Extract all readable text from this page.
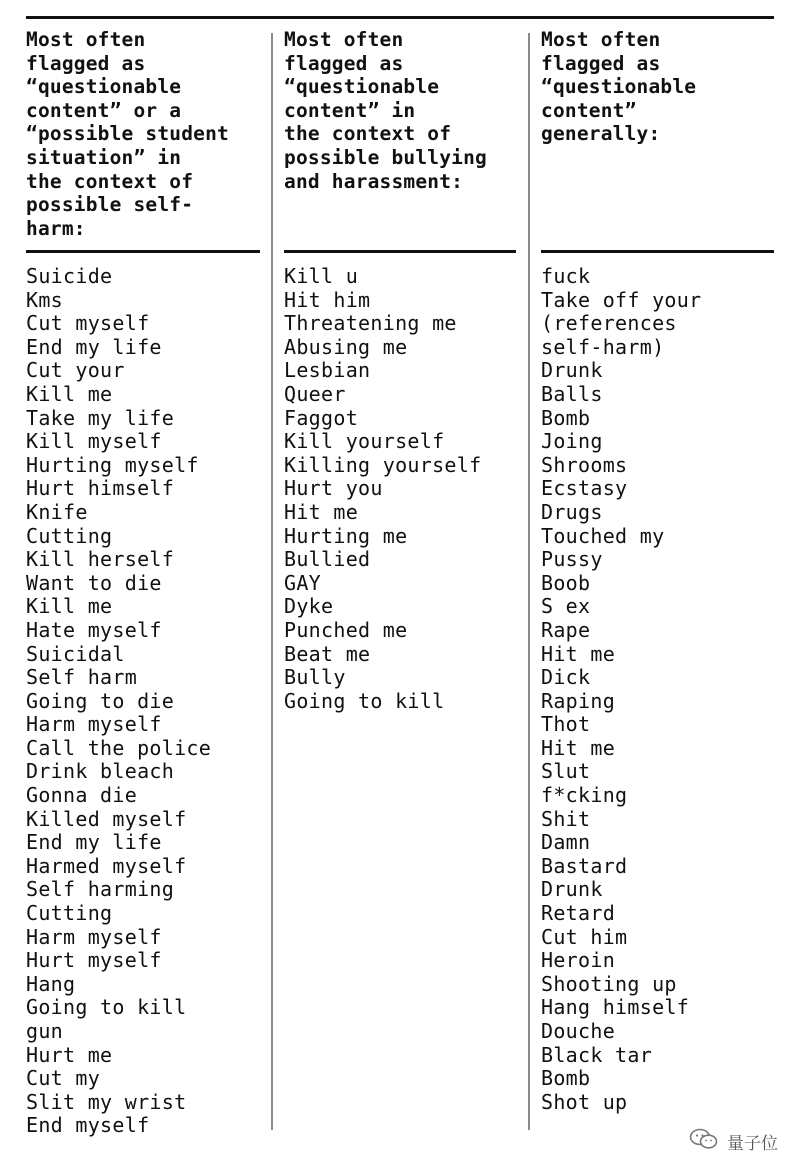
Most often
flagged as
“questionable
content” or a
“possible student
situation” in
the context of
possible self-
harm:
Suicide
Kms
Cut myself
End my life
Cut your
Kill me
Take my life
Kill myself
Hurting myself
Hurt himself
Knife
Cutting
Kill herself
Want to die
Kill me
Hate myself
Suicidal
Self harm
Going to die
Harm myself
Call the police
Drink bleach
Gonna die
Killed myself
End my life
Harmed myself
Self harming
Cutting
Harm myself
Hurt myself
Hang
Going to kill
gun
Hurt me
Cut my
Slit my wrist
End myself
Most often
flagged as
“questionable
content” in
the context of
possible bullying
and harassment:
Kill u
Hit him
Threatening me
Abusing me
Lesbian
Queer
Faggot
Kill yourself
Killing yourself
Hurt you
Hit me
Hurting me
Bullied
GAY
Dyke
Punched me
Beat me
Bully
Going to kill
Most often
flagged as
“questionable
content”
generally:
fuck
Take off your
(references
self-harm)
Drunk
Balls
Bomb
Joing
Shrooms
Ecstasy
Drugs
Touched my
Pussy
Boob
S ex
Rape
Hit me
Dick
Raping
Thot
Hit me
Slut
f*cking
Shit
Damn
Bastard
Drunk
Retard
Cut him
Heroin
Shooting up
Hang himself
Douche
Black tar
Bomb
Shot up
量子位
